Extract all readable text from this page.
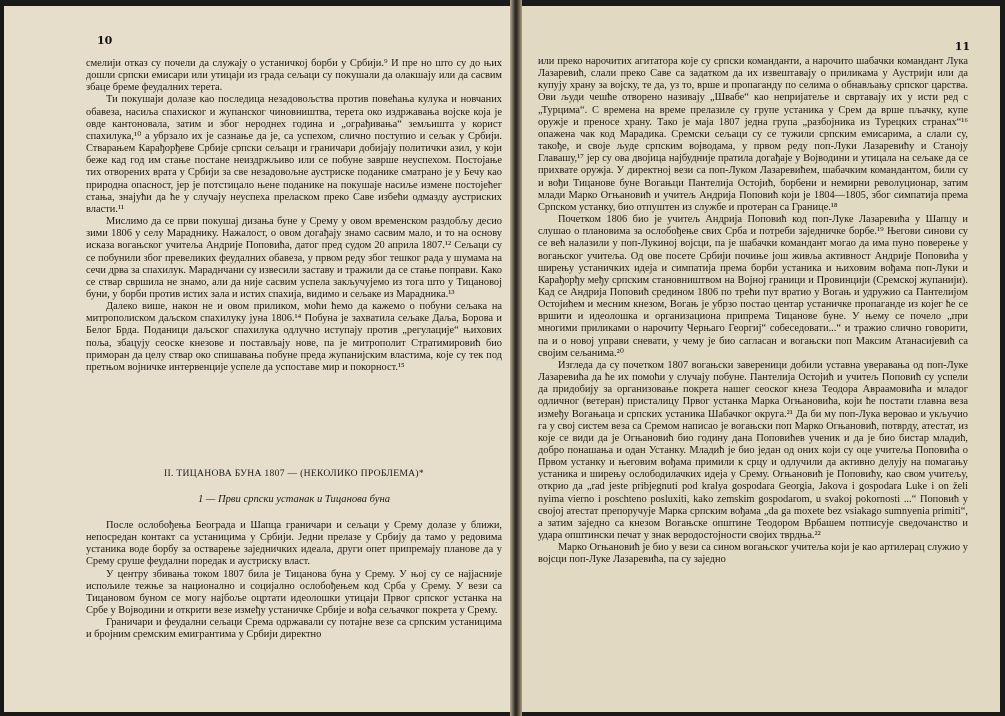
10

смелији отказ су почели да служају о устаничкој борби у Србији.⁹ И пре но што су до њих дошли српски емисари или утицаји из града сељаци су покушали да олакшају или да сасвим збаце бреме феудалних терета.

Ти покушаји долазе као последица незадовољства против повећања кулука и новчаних обавеза, насиља спахиског и жупанског чиновништва, терета око издржавања војске која је овде кантоновала, затим и због нероднех година и „ограђивања“ земљишта у корист спахилука,¹⁰ а убрзало их је сазнање да је, са успехом, слично поступио и сељак у Србији. Стварањем Карађорђеве Србије српски сељаци и граничари добијају политички азил, у који беже кад год им стање постане неиздржљиво или се побуне заврше неуспехом. Постојање тих отворених врата у Србији за све незадовољне аустриске поданике сматрано је у Бечу као природна опасност, јер је потстицало њене поданике на покушаје насиље измене постојећег стања, знајући да ће у случају неуспеха преласком преко Саве избећи одмазду аустриских власти.¹¹

Мислимо да се први покушај дизања буне у Срему у овом временском раздобљу десио зими 1806 у селу Мараднику. Нажалост, о овом догађају знамо сасвим мало, и то на основу исказа вогањског учитеља Андрије Поповића, датог пред судом 20 априла 1807.¹² Сељаци су се побунили због превеликих феудалних обавеза, у првом реду због тешког рада у шумама на сечи дрва за спахилук. Мараднчани су извесили заставу и тражили да се стање поправи. Како се ствар свршила не знамо, али да није сасвим успела закључујемо из тога што у Тицановој буни, у борби против истих зала и истих спахија, видимо и сељаке из Марадника.¹³

Далеко више, након не и овом приликом, моћи ћемо да кажемо о побуни сељака на митрополиском даљском спахилуку јуна 1806.¹⁴ Побуна је захватила сељаке Даља, Борова и Белог Брда. Поданици даљског спахилука одлучно иступају против „регулације“ њихових поља, збацују сеоске кнезове и постављају нове, па је митрополит Стратимировић био приморан да целу ствар око спишавања побуне преда жупанијским властима, које су тек под претњом војничке интервенције успеле да успоставе мир и покорност.¹⁵

II. ТИЦАНОВА БУНА 1807 — (НЕКОЛИКО ПРОБЛЕМА)*
1 — Први српски устанак и Тицанова буна

После ослобођења Београда и Шапца граничари и сељаци у Срему долазе у ближи, непосредан контакт са устаницима у Србији. Једни прелазе у Србију да тамо у редовима устаника воде борбу за остварење заједничких идеала, други опет припремају планове да у Срему сруше феудални поредак и аустриску власт.

У центру збивања током 1807 била је Тицанова буна у Срему. У њој су се најјасније испољиле тежње за национално и социјално ослобођењем код Срба у Срему. У вези са Тицановом буном се могу најбоље оцртати идеолошки утицаји Првог српског устанка на Србе у Војводини и открити везе између устаничке Србије и вођа сељачког покрета у Срему.

Граничари и феудални сељаци Срема одржавали су потајне везе са српским устаницима и бројним сремским емигрантима у Србији директно

11

или преко нарочитих агитатора које су српски команданти, а нарочито шабачки командант Лука Лазаревић, слали преко Саве са задатком да их извештавају о приликама у Аустрији или да купују храну за војску, те да, уз то, врше и пропаганду по селима о обнављању српског царства. Ови људи чешће отворено називају „Швабе“ као непријатеље и свртавају их у исти ред с „Турцима“. С времена на време прелазиле су групе устаника у Срем да врше пљачку, купе оружје и преносе храну. Тако је маја 1807 једна група „разбојника из Турецких странах“¹⁶ опажена чак код Марадика. Сремски сељаци су се тужили српским емисарима, а слали су, такође, и своје људе српским војводама, у првом реду поп-Луки Лазаревићу и Станоју Главашу,¹⁷ јер су ова двојица најбудније пратила догађаје у Војводини и утицала на сељаке да се прихвате оружја. У директној вези са поп-Луком Лазаревићем, шабачким командантом, били су и вођи Тицанове буне Вогањци Пантелија Остојић, борбени и немирни револуционар, затим млади Марко Огњановић и учитељ Андрија Поповић који је 1804—1805, због симпатија према Српском устанку, био отпуштен из службе и протеран са Границе.¹⁸

Почетком 1806 био је учитељ Андрија Поповић код поп-Луке Лазаревића у Шапцу и слушао о плановима за ослобођење свих Срба и потреби заједничке борбе.¹⁹ Његови синови су се већ налазили у поп-Лукиној војсци, па је шабачки командант могао да има пуно поверење у вогањског учитеља. Од ове посете Србији почиње још живља активност Андрије Поповића у ширењу устаничких идеја и симпатија према борби устаника и њиховим вођама поп-Луки и Карађорђу међу српским становништвом на Војној граници и Провинцији (Сремској жупанији). Кад се Андрија Поповић средином 1806 по трећи пут вратио у Вогањ и удружио са Пантелијом Остојићем и месним кнезом, Вогањ је убрзо постао центар устаничке пропаганде из којег ће се вршити и идеолошка и организациона припрема Тицанове буне. У њему се почело „при многими приликами о нарочиту Черњаго Георгиј“ собеседовати...“ и тражио слично говорити, па и о новој управи сневати, у чему је био сагласан и вогањски поп Максим Атанасијевић са својим сељанима.²⁰

Изгледа да су почетком 1807 вогањски завереници добили уставна уверавања од поп-Луке Лазаревића да ће их помоћи у случају побуне. Пантелија Остојић и учитељ Поповић су успели да придобију за организовање покрета нашег сеоског кнеза Теодора Авраамовића и младог одличног (ветеран) присталицу Првог устанка Марка Огњановића, који ће постати главна веза између Вогањаца и српских устаника Шабачког округа.²¹ Да би му поп-Лука веровао и укључио га у свој систем веза са Сремом написао је вогањски поп Марко Огњановић, потврду, атестат, из које се види да је Огњановић био годину дана Поповићев ученик и да је био бистар младић, добро понашања и одан Устанку. Младић је био један од оних који су оце учитеља Поповића о Првом устанку и његовим вођама примили к срцу и одлучили да активно делују на помагању устаника и ширењу ослободилачких идеја у Срему. Огњановић је Поповићу, као свом учитељу, открио да „rad jeste pribjegnuti pod kralya gospodara Georgia, Jakova i gospodara Luke i on želi nyima vierno i poschteno posluxiti, kako zemskim gospodarom, u svakoj pokornosti ...“ Поповић у својој атестат препоручује Марка српским вођама „da ga moxete bez vsiakago sumnyenia primiti“, а затим заједно са кнезом Вогањске општине Теодором Врбашем потписује сведочанство и удара општински печат у знак веродостојности својих тврдња.²²

Марко Огњановић је био у вези са сином вогањског учитеља који је као артилерац служио у војсци поп-Луке Лазаревића, па су заједно
